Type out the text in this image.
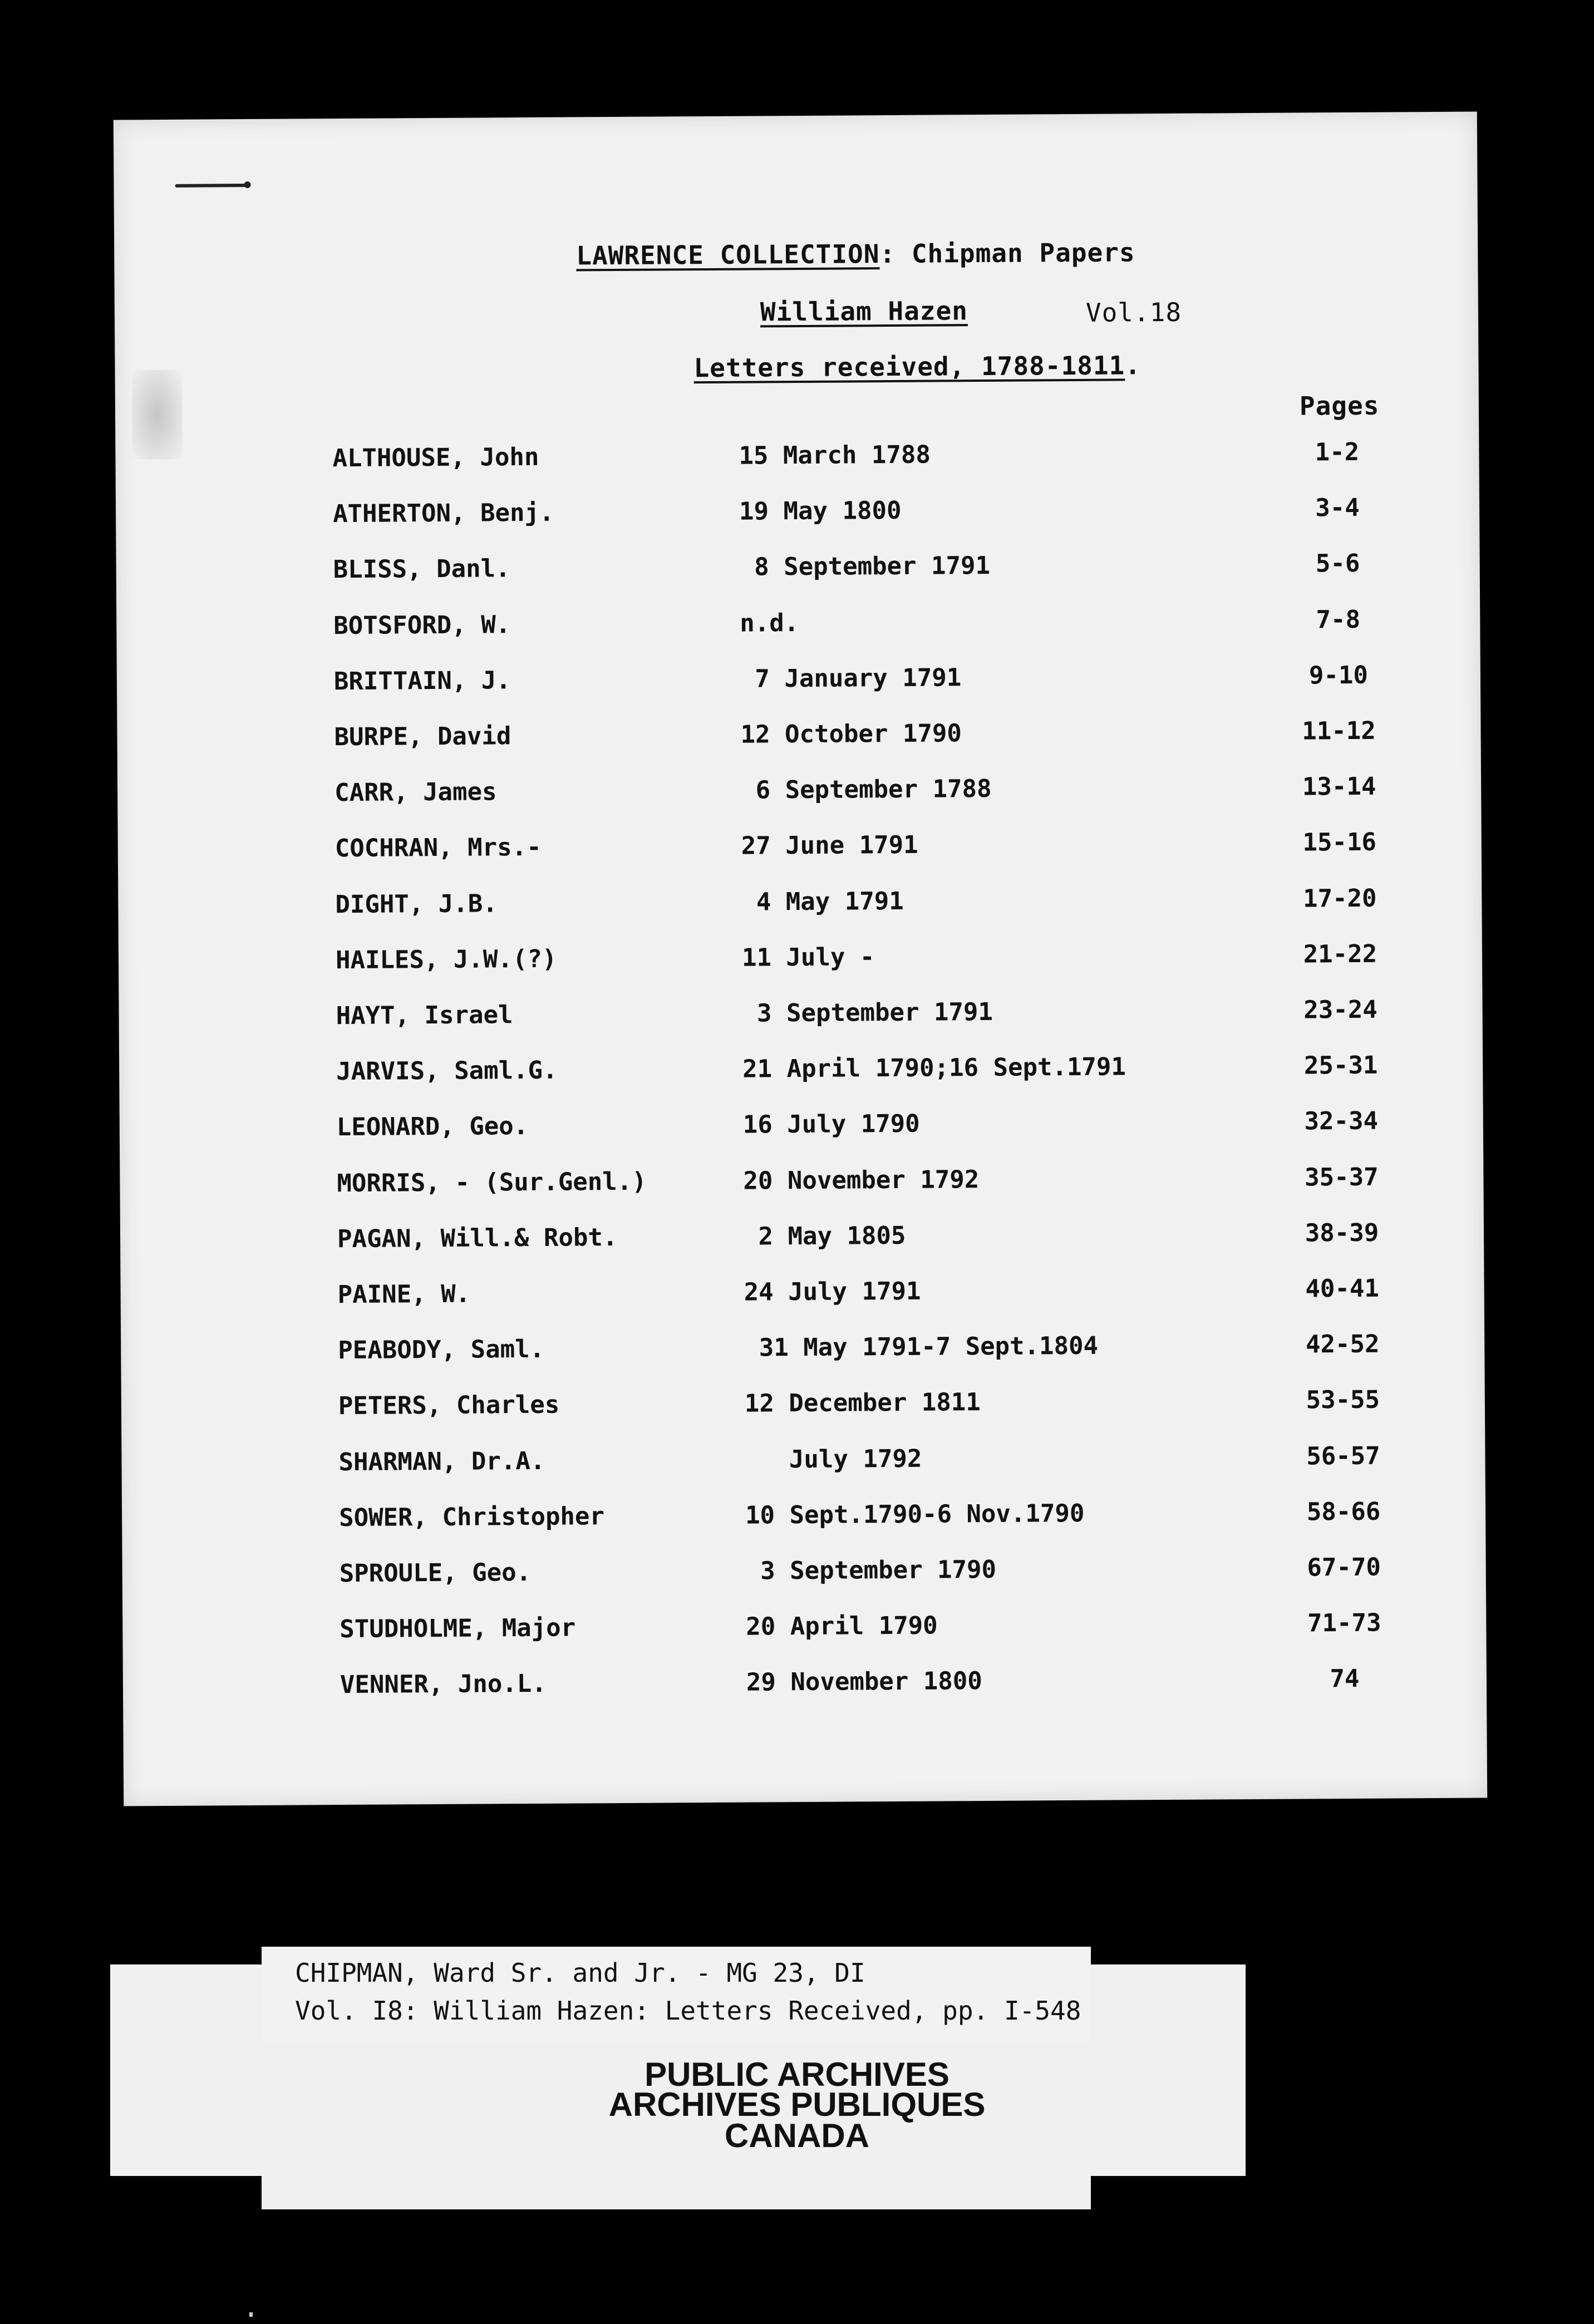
LAWRENCE COLLECTION: Chipman Papers
William Hazen	Vol.18
Letters received, 1788-1811.
Pages
ALTHOUSE, John	15 March 1788	1-2
ATHERTON, Benj.	19 May 1800	3-4
BLISS, Danl.	8 September 1791	5-6
BOTSFORD, W.	n.d.	7-8
BRITTAIN, J.	7 January 1791	9-10
BURPE, David	12 October 1790	11-12
CARR, James	6 September 1788	13-14
COCHRAN, Mrs.-	27 June 1791	15-16
DIGHT, J.B.	4 May 1791	17-20
HAILES, J.W.(?)	11 July -	21-22
HAYT, Israel	3 September 1791	23-24
JARVIS, Saml.G.	21 April 1790;16 Sept.1791	25-31
LEONARD, Geo.	16 July 1790	32-34
MORRIS, - (Sur.Genl.)	20 November 1792	35-37
PAGAN, Will.& Robt.	2 May 1805	38-39
PAINE, W.	24 July 1791	40-41
PEABODY, Saml.	31 May 1791-7 Sept.1804	42-52
PETERS, Charles	12 December 1811	53-55
SHARMAN, Dr.A.	July 1792	56-57
SOWER, Christopher	10 Sept.1790-6 Nov.1790	58-66
SPROULE, Geo.	3 September 1790	67-70
STUDHOLME, Major	20 April 1790	71-73
VENNER, Jno.L.	29 November 1800	74
CHIPMAN, Ward Sr. and Jr. - MG 23, DI
Vol. I8: William Hazen: Letters Received, pp. I-548
PUBLIC ARCHIVES
ARCHIVES PUBLIQUES
CANADA
